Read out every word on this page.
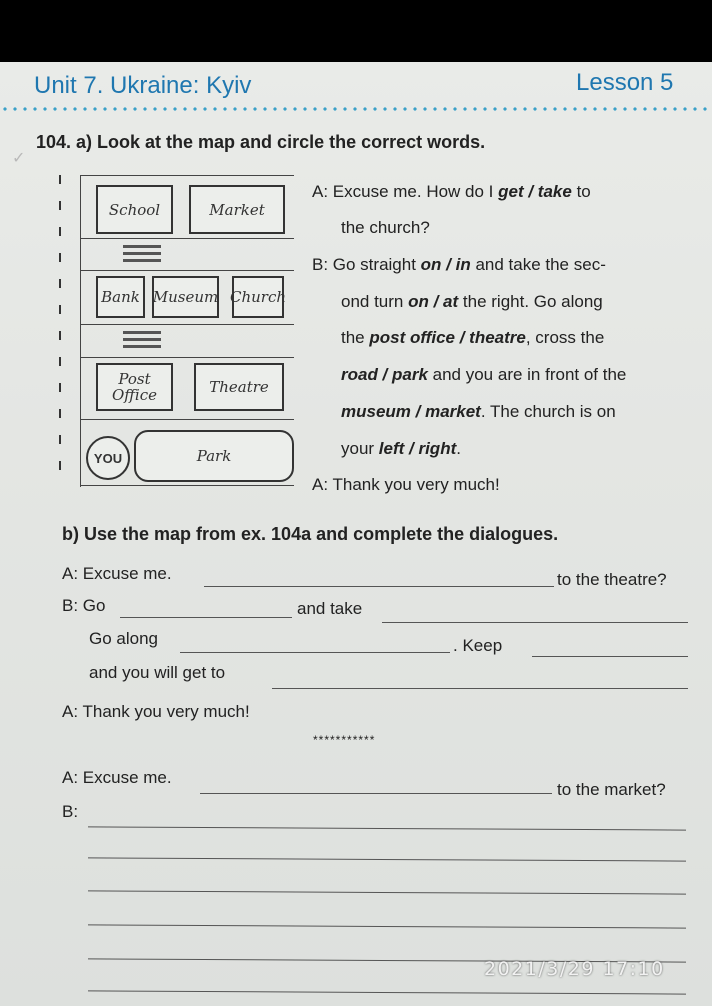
Unit 7. Ukraine: Kyiv	Lesson 5
✓
104. a) Look at the map and circle the correct words.
School	Market
Bank Museum Church
Post
Office	Theatre
YOU	Park
A: Excuse me. How do I get / take to
the church?
B: Go straight on / in and take the sec-
ond turn on / at the right. Go along
the post office / theatre, cross the
road / park and you are in front of the
museum / market. The church is on
your left / right.
A: Thank you very much!
b) Use the map from ex. 104a and complete the dialogues.
A: Excuse me.	to the theatre?
B: Go	and take
Go along	. Keep
and you will get to
A: Thank you very much!
***********
A: Excuse me.
to the market?
B:
2021/3/29 17:10
